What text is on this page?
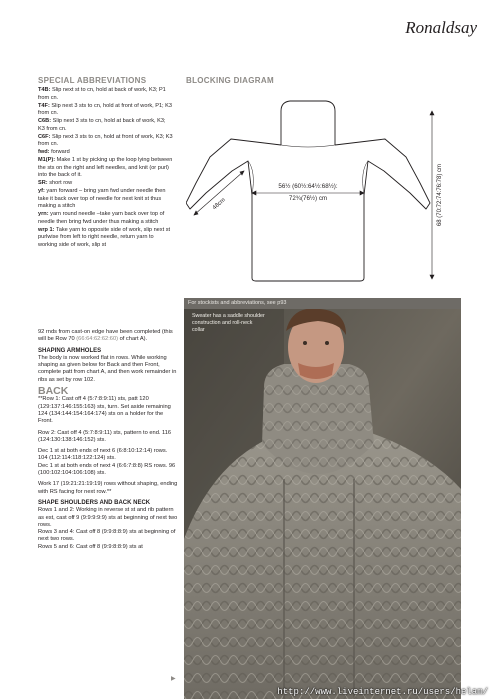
Ronaldsay
SPECIAL ABBREVIATIONS

T4B: Slip next st to cn, hold at back of work, K3; P1 from cn.

T4F: Slip next 3 sts to cn, hold at front of work, P1; K3 from cn.

C6B: Slip next 3 sts to cn, hold at back of work, K3; K3 from cn.

C6F: Slip next 3 sts to cn, hold at front of work, K3; K3 from cn.

fwd: forward

M1(P): Make 1 st by picking up the loop lying between the sts on the right and left needles, and knit (or purl) into the back of it.

SR: short row

yf: yarn forward – bring yarn fwd under needle then take it back over top of needle for next knit st thus making a stitch

yrn: yarn round needle –take yarn back over top of needle then bring fwd under thus making a stitch

wrp 1: Take yarn to opposite side of work, slip next st purlwise from left to right needle, return yarn to working side of work, slip st

BLOCKING DIAGRAM
56½ (60½:64½:68½):
72¾(76½) cm
48cm	68 (70:72:74:76:78) cm
For stockists and abbreviations, see p93
Sweater has a saddle shoulder construction and roll-neck collar

92 rnds from cast-on edge have been completed (this will be Row 70 (66:64:62:62:60) of chart A).

SHAPING ARMHOLES

The body is now worked flat in rows. While working shaping as given below for Back and then Front, complete patt from chart A, and then work remainder in ribs as set by row 102.

BACK

**Row 1: Cast off 4 (5:7:8:9:11) sts, patt 120 (129:137:146:155:163) sts, turn. Set aside remaining 124 (134:144:154:164:174) sts on a holder for the Front.

Row 2: Cast off 4 (5:7:8:9:11) sts, pattern to end. 116 (124:130:138:146:152) sts.

Dec 1 st at both ends of next 6 (6:8:10:12:14) rows. 104 (112:114:118:122:124) sts.

Dec 1 st at both ends of next 4 (6:6:7:8:8) RS rows. 96 (100:102:104:106:108) sts.

Work 17 (19:21:21:19:19) rows without shaping, ending with RS facing for next row.**

SHAPE SHOULDERS AND BACK NECK

Rows 1 and 2: Working in reverse st st and rib pattern as est, cast off 9 (9:9:9:9:9) sts at beginning of next two rows.

Rows 3 and 4: Cast off 8 (9:9:8:8:9) sts at beginning of next two rows.

Rows 5 and 6: Cast off 8 (9:9:8:8:9) sts at

▶
http://www.liveinternet.ru/users/helam/
